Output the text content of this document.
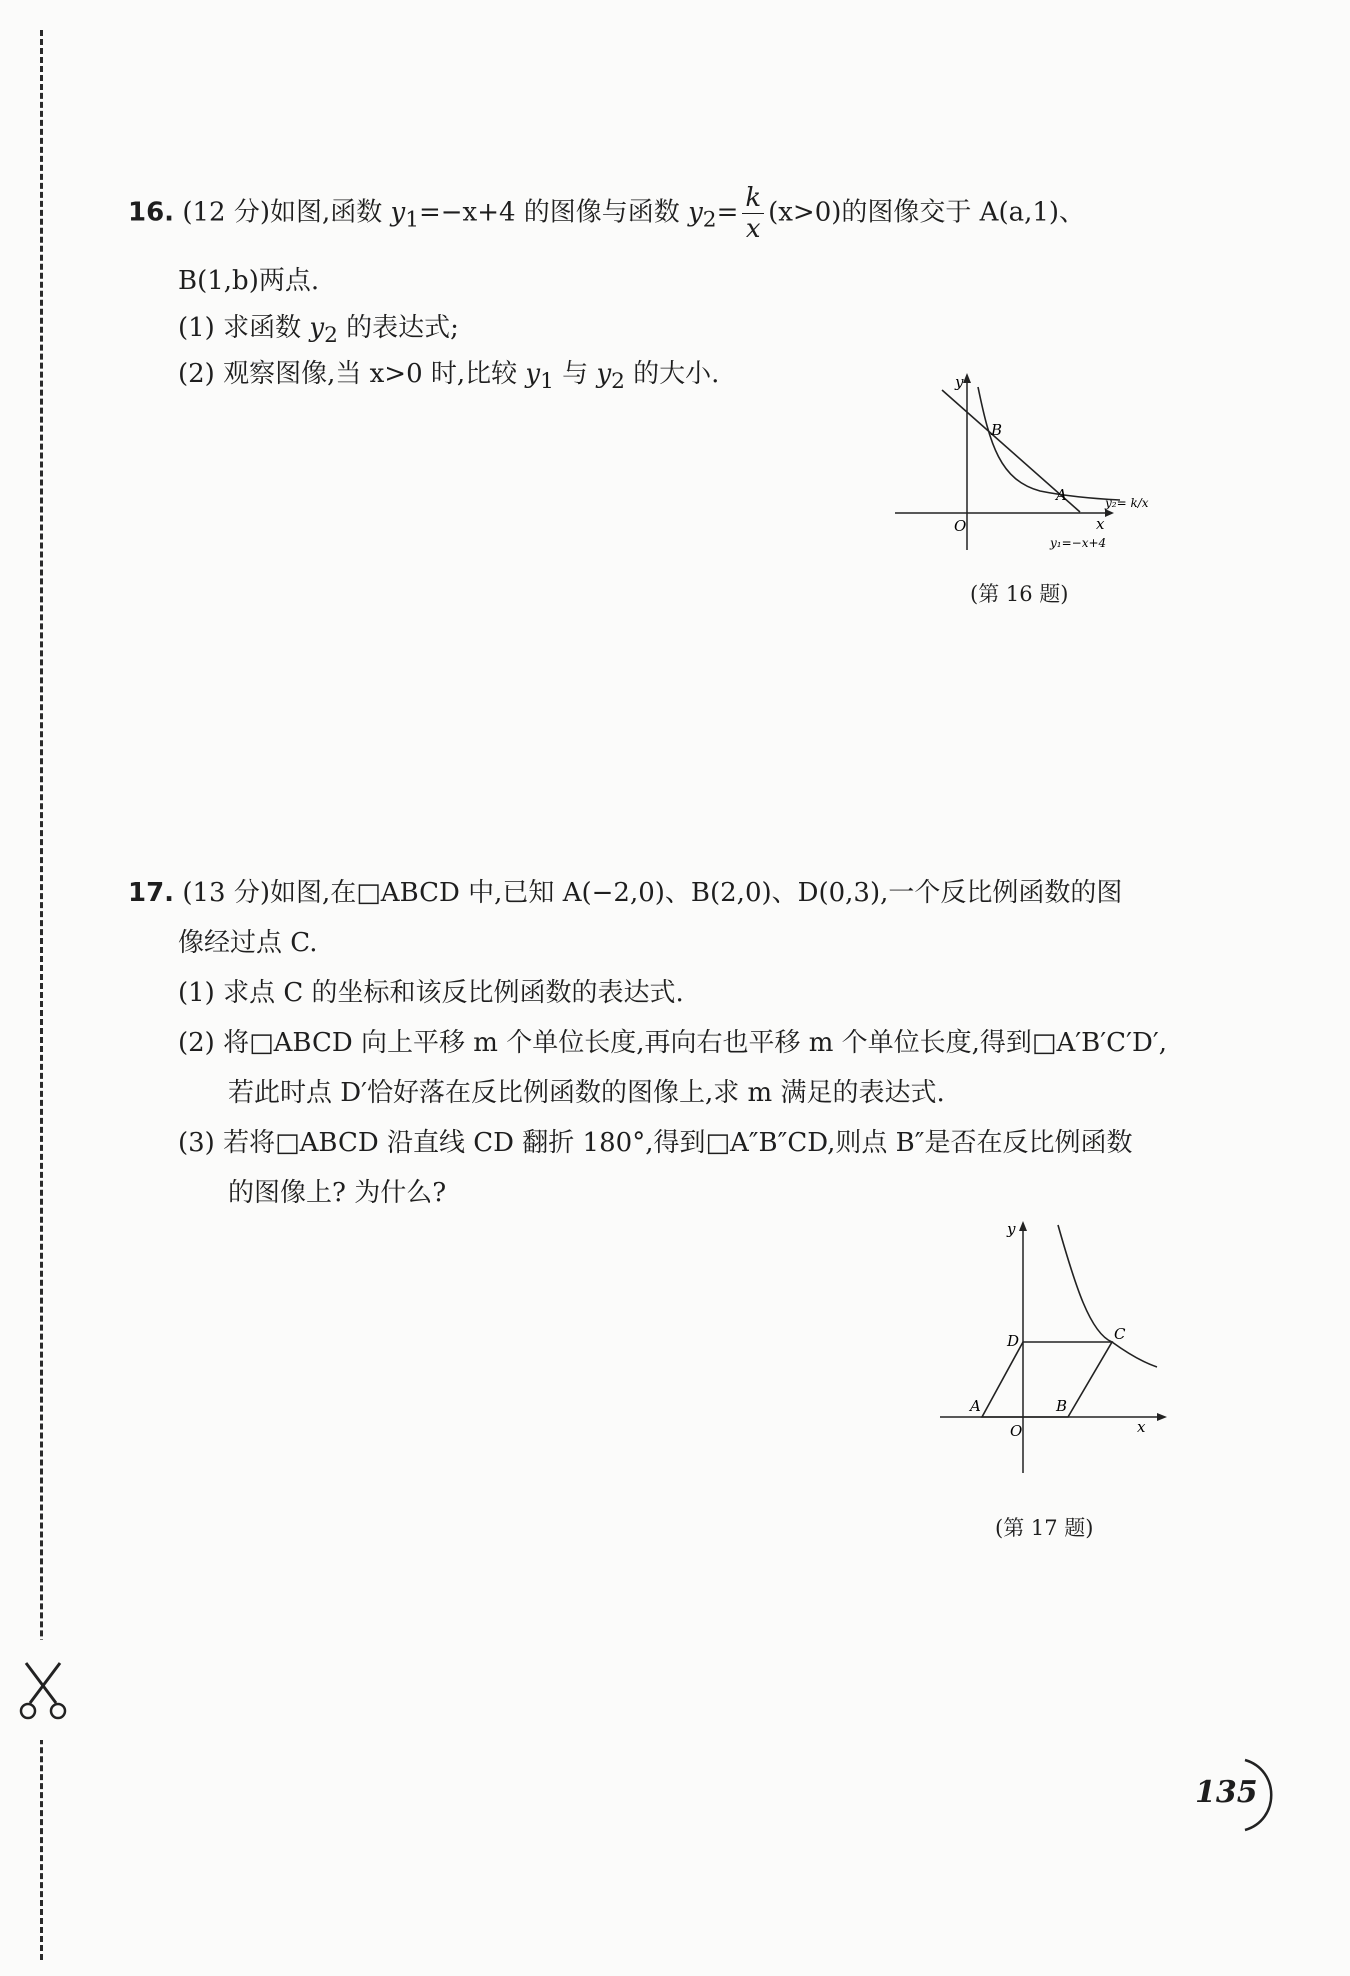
16. (12 分)如图,函数 $y_1=-x+4$ 的图像与函数 $y_2= \frac{k}{x} (x>0)$的图像交于 A(a,1)、
B(1,b)两点.
(1) 求函数 $y_2$ 的表达式;
(2) 观察图像,当 x>0 时,比较 $y_1$ 与 $y_2$ 的大小.	y
x
O
A
B
y₂= k/x
y₁=−x+4
(第 16 题)
17. (13 分)如图,在□ABCD 中,已知 A(−2,0)、B(2,0)、D(0,3),一个反比例函数的图
像经过点 C.
(1) 求点 C 的坐标和该反比例函数的表达式.
(2) 将□ABCD 向上平移 m 个单位长度,再向右也平移 m 个单位长度,得到□A′B′C′D′,
若此时点 D′恰好落在反比例函数的图像上,求 m 满足的表达式.
(3) 若将□ABCD 沿直线 CD 翻折 180°,得到□A″B″CD,则点 B″是否在反比例函数
的图像上? 为什么?
y
x
O
A	B
C
D
(第 17 题)
135
